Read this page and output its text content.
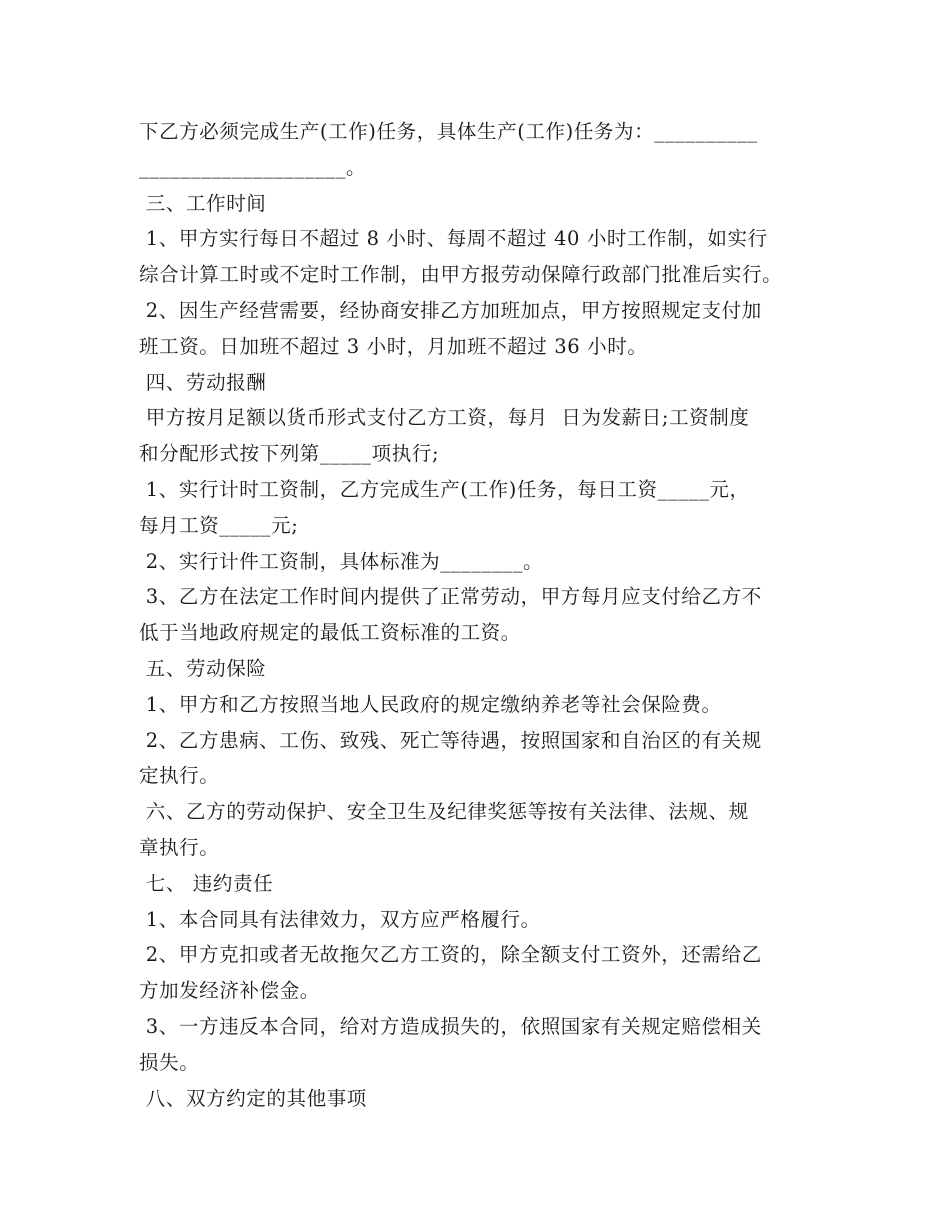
下乙方必须完成生产(工作)任务，具体生产(工作)任务为：__________
____________________。
三、工作时间
1、甲方实行每日不超过 8 小时、每周不超过 40 小时工作制，如实行
综合计算工时或不定时工作制，由甲方报劳动保障行政部门批准后实行。
2、因生产经营需要，经协商安排乙方加班加点，甲方按照规定支付加
班工资。日加班不超过 3 小时，月加班不超过 36 小时。
四、劳动报酬
甲方按月足额以货币形式支付乙方工资，每月  日为发薪日;工资制度
和分配形式按下列第_____项执行;
1、实行计时工资制，乙方完成生产(工作)任务，每日工资_____元，
每月工资_____元;
2、实行计件工资制，具体标准为________。
3、乙方在法定工作时间内提供了正常劳动，甲方每月应支付给乙方不
低于当地政府规定的最低工资标准的工资。
五、劳动保险
1、甲方和乙方按照当地人民政府的规定缴纳养老等社会保险费。
2、乙方患病、工伤、致残、死亡等待遇，按照国家和自治区的有关规
定执行。
六、乙方的劳动保护、安全卫生及纪律奖惩等按有关法律、法规、规
章执行。
七、 违约责任
1、本合同具有法律效力，双方应严格履行。
2、甲方克扣或者无故拖欠乙方工资的，除全额支付工资外，还需给乙
方加发经济补偿金。
3、一方违反本合同，给对方造成损失的，依照国家有关规定赔偿相关
损失。
八、双方约定的其他事项
